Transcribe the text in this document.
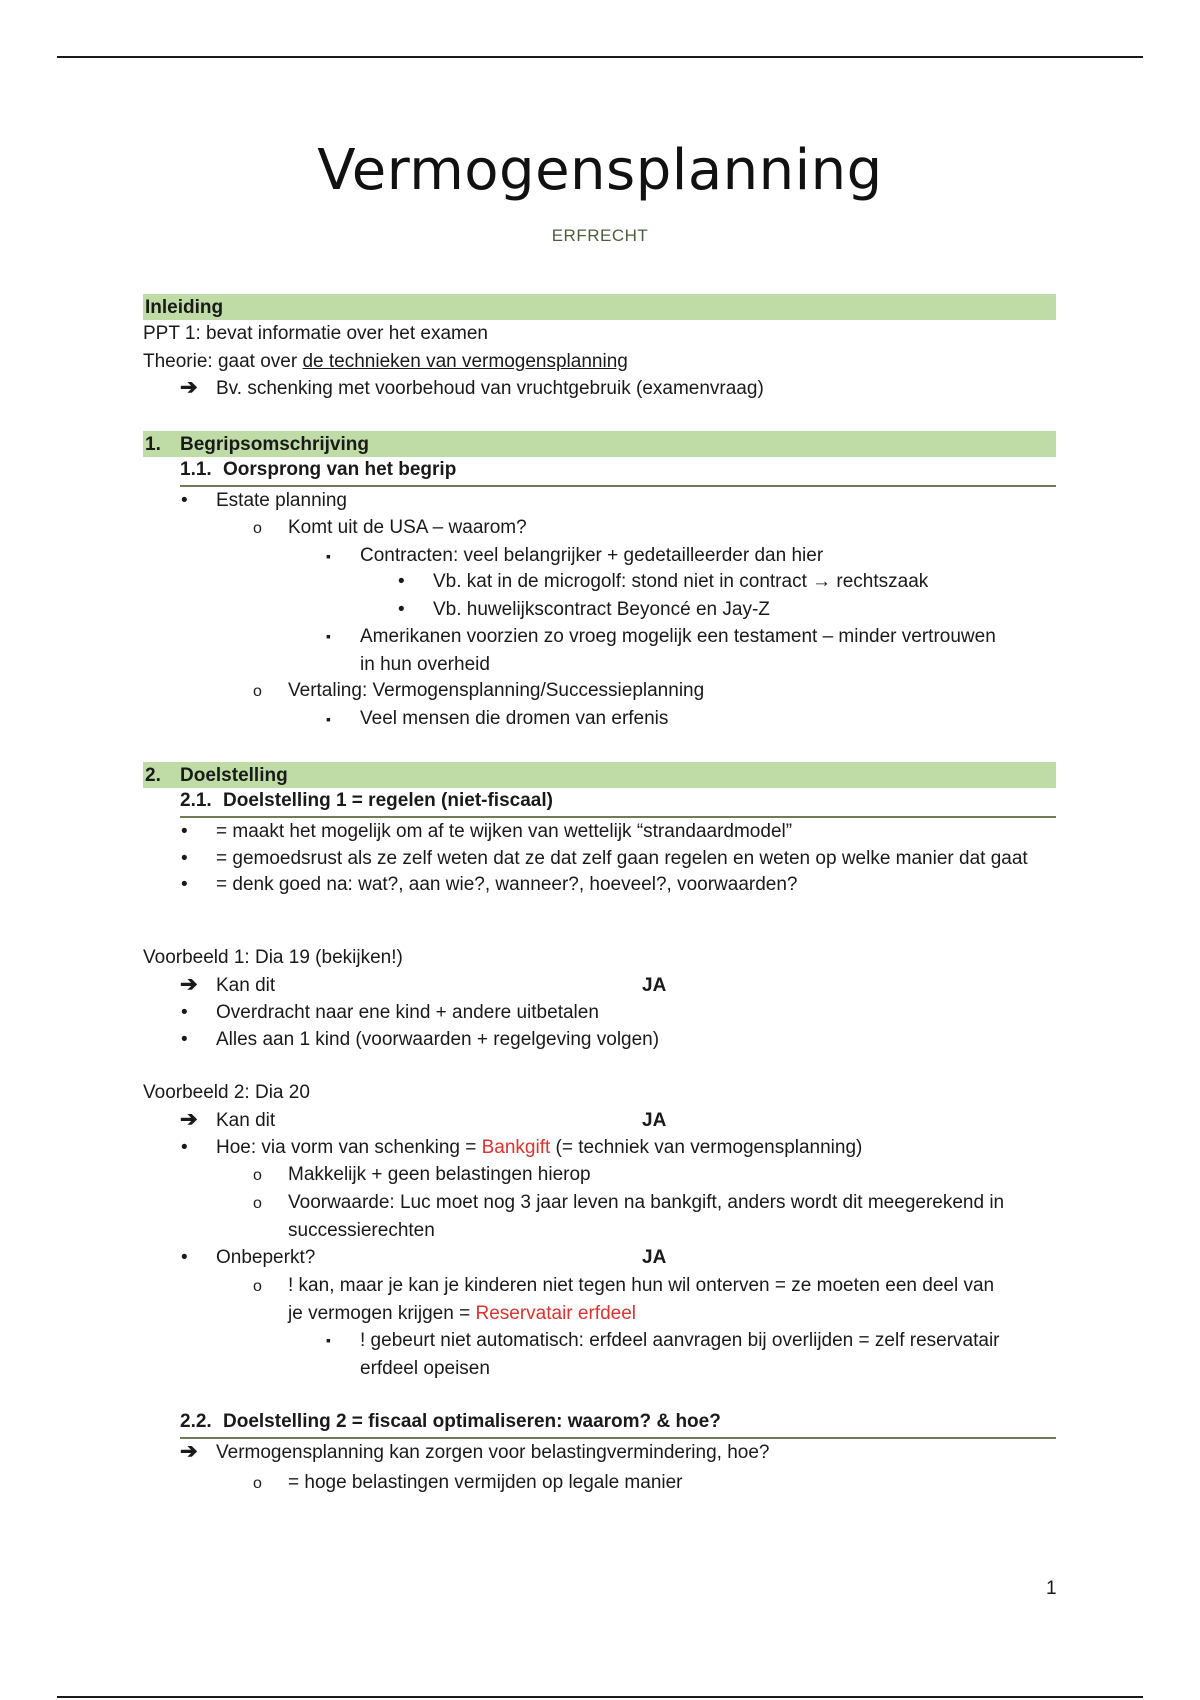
Vermogensplanning
ERFRECHT
Inleiding
PPT 1: bevat informatie over het examen
Theorie: gaat over de technieken van vermogensplanning
➔ Bv. schenking met voorbehoud van vruchtgebruik (examenvraag)
1. Begripsomschrijving
1.1. Oorsprong van het begrip
• Estate planning
o Komt uit de USA – waarom?
▪ Contracten: veel belangrijker + gedetailleerder dan hier
• Vb. kat in de microgolf: stond niet in contract → rechtszaak
• Vb. huwelijkscontract Beyoncé en Jay-Z
▪ Amerikanen voorzien zo vroeg mogelijk een testament – minder vertrouwen
in hun overheid
o Vertaling: Vermogensplanning/Successieplanning
▪ Veel mensen die dromen van erfenis
2. Doelstelling
2.1. Doelstelling 1 = regelen (niet-fiscaal)
• = maakt het mogelijk om af te wijken van wettelijk “strandaardmodel”
• = gemoedsrust als ze zelf weten dat ze dat zelf gaan regelen en weten op welke manier dat gaat
• = denk goed na: wat?, aan wie?, wanneer?, hoeveel?, voorwaarden?
Voorbeeld 1: Dia 19 (bekijken!)
➔ Kan dit	JA
• Overdracht naar ene kind + andere uitbetalen
• Alles aan 1 kind (voorwaarden + regelgeving volgen)
Voorbeeld 2: Dia 20
➔ Kan dit	JA
• Hoe: via vorm van schenking = Bankgift (= techniek van vermogensplanning)
o Makkelijk + geen belastingen hierop
o Voorwaarde: Luc moet nog 3 jaar leven na bankgift, anders wordt dit meegerekend in
successierechten
• Onbeperkt?	JA
o ! kan, maar je kan je kinderen niet tegen hun wil onterven = ze moeten een deel van
je vermogen krijgen = Reservatair erfdeel
▪ ! gebeurt niet automatisch: erfdeel aanvragen bij overlijden = zelf reservatair
erfdeel opeisen
2.2. Doelstelling 2 = fiscaal optimaliseren: waarom? & hoe?
➔ Vermogensplanning kan zorgen voor belastingvermindering, hoe?
o = hoge belastingen vermijden op legale manier
1
